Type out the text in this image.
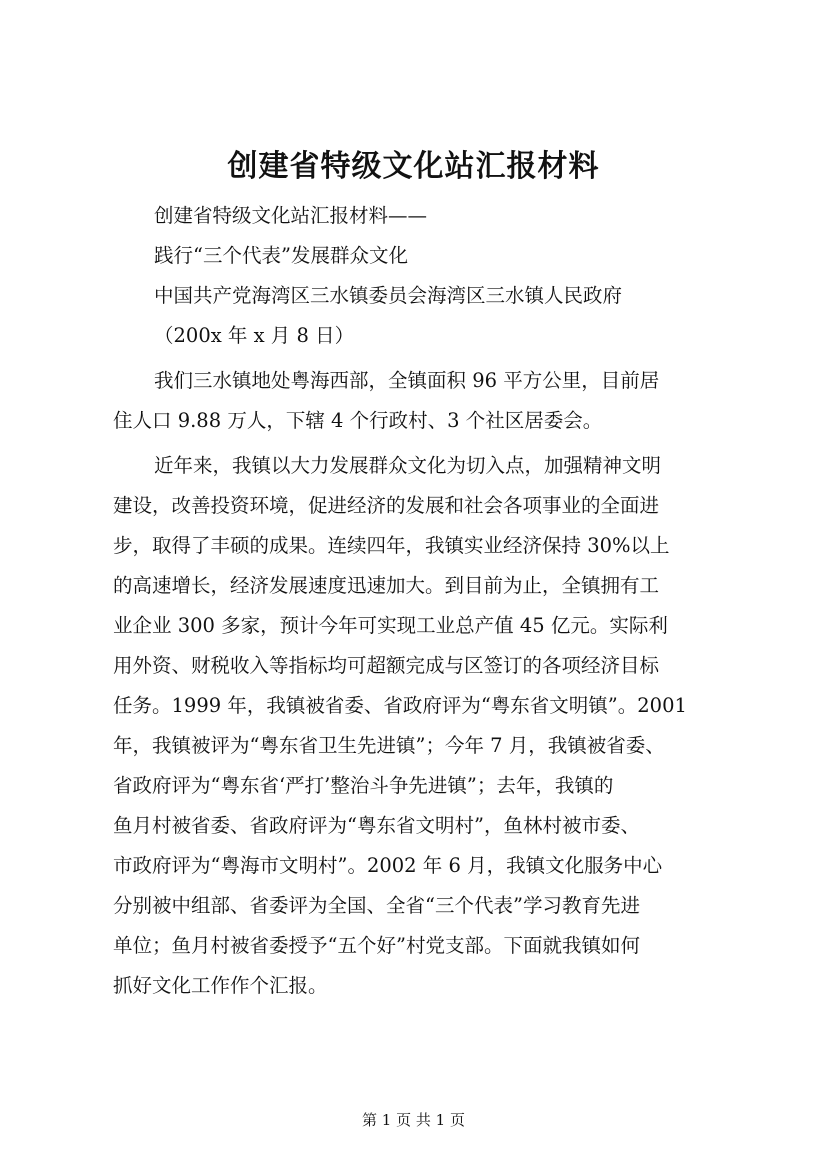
创建省特级文化站汇报材料

创建省特级文化站汇报材料——

践行“三个代表”发展群众文化

中国共产党海湾区三水镇委员会海湾区三水镇人民政府

（200x 年 x 月 8 日）

我们三水镇地处粤海西部，全镇面积 96 平方公里，目前居

住人口 9.88 万人，下辖 4 个行政村、3 个社区居委会。

近年来，我镇以大力发展群众文化为切入点，加强精神文明

建设，改善投资环境，促进经济的发展和社会各项事业的全面进

步，取得了丰硕的成果。连续四年，我镇实业经济保持 30%以上

的高速增长，经济发展速度迅速加大。到目前为止，全镇拥有工

业企业 300 多家，预计今年可实现工业总产值 45 亿元。实际利

用外资、财税收入等指标均可超额完成与区签订的各项经济目标

任务。1999 年，我镇被省委、省政府评为“粤东省文明镇”。2001

年，我镇被评为“粤东省卫生先进镇”；今年 7 月，我镇被省委、

省政府评为“粤东省‘严打’整治斗争先进镇”；去年，我镇的

鱼月村被省委、省政府评为“粤东省文明村”，鱼林村被市委、

市政府评为“粤海市文明村”。2002 年 6 月，我镇文化服务中心

分别被中组部、省委评为全国、全省“三个代表”学习教育先进

单位；鱼月村被省委授予“五个好”村党支部。下面就我镇如何

抓好文化工作作个汇报。

第 1 页 共 1 页
